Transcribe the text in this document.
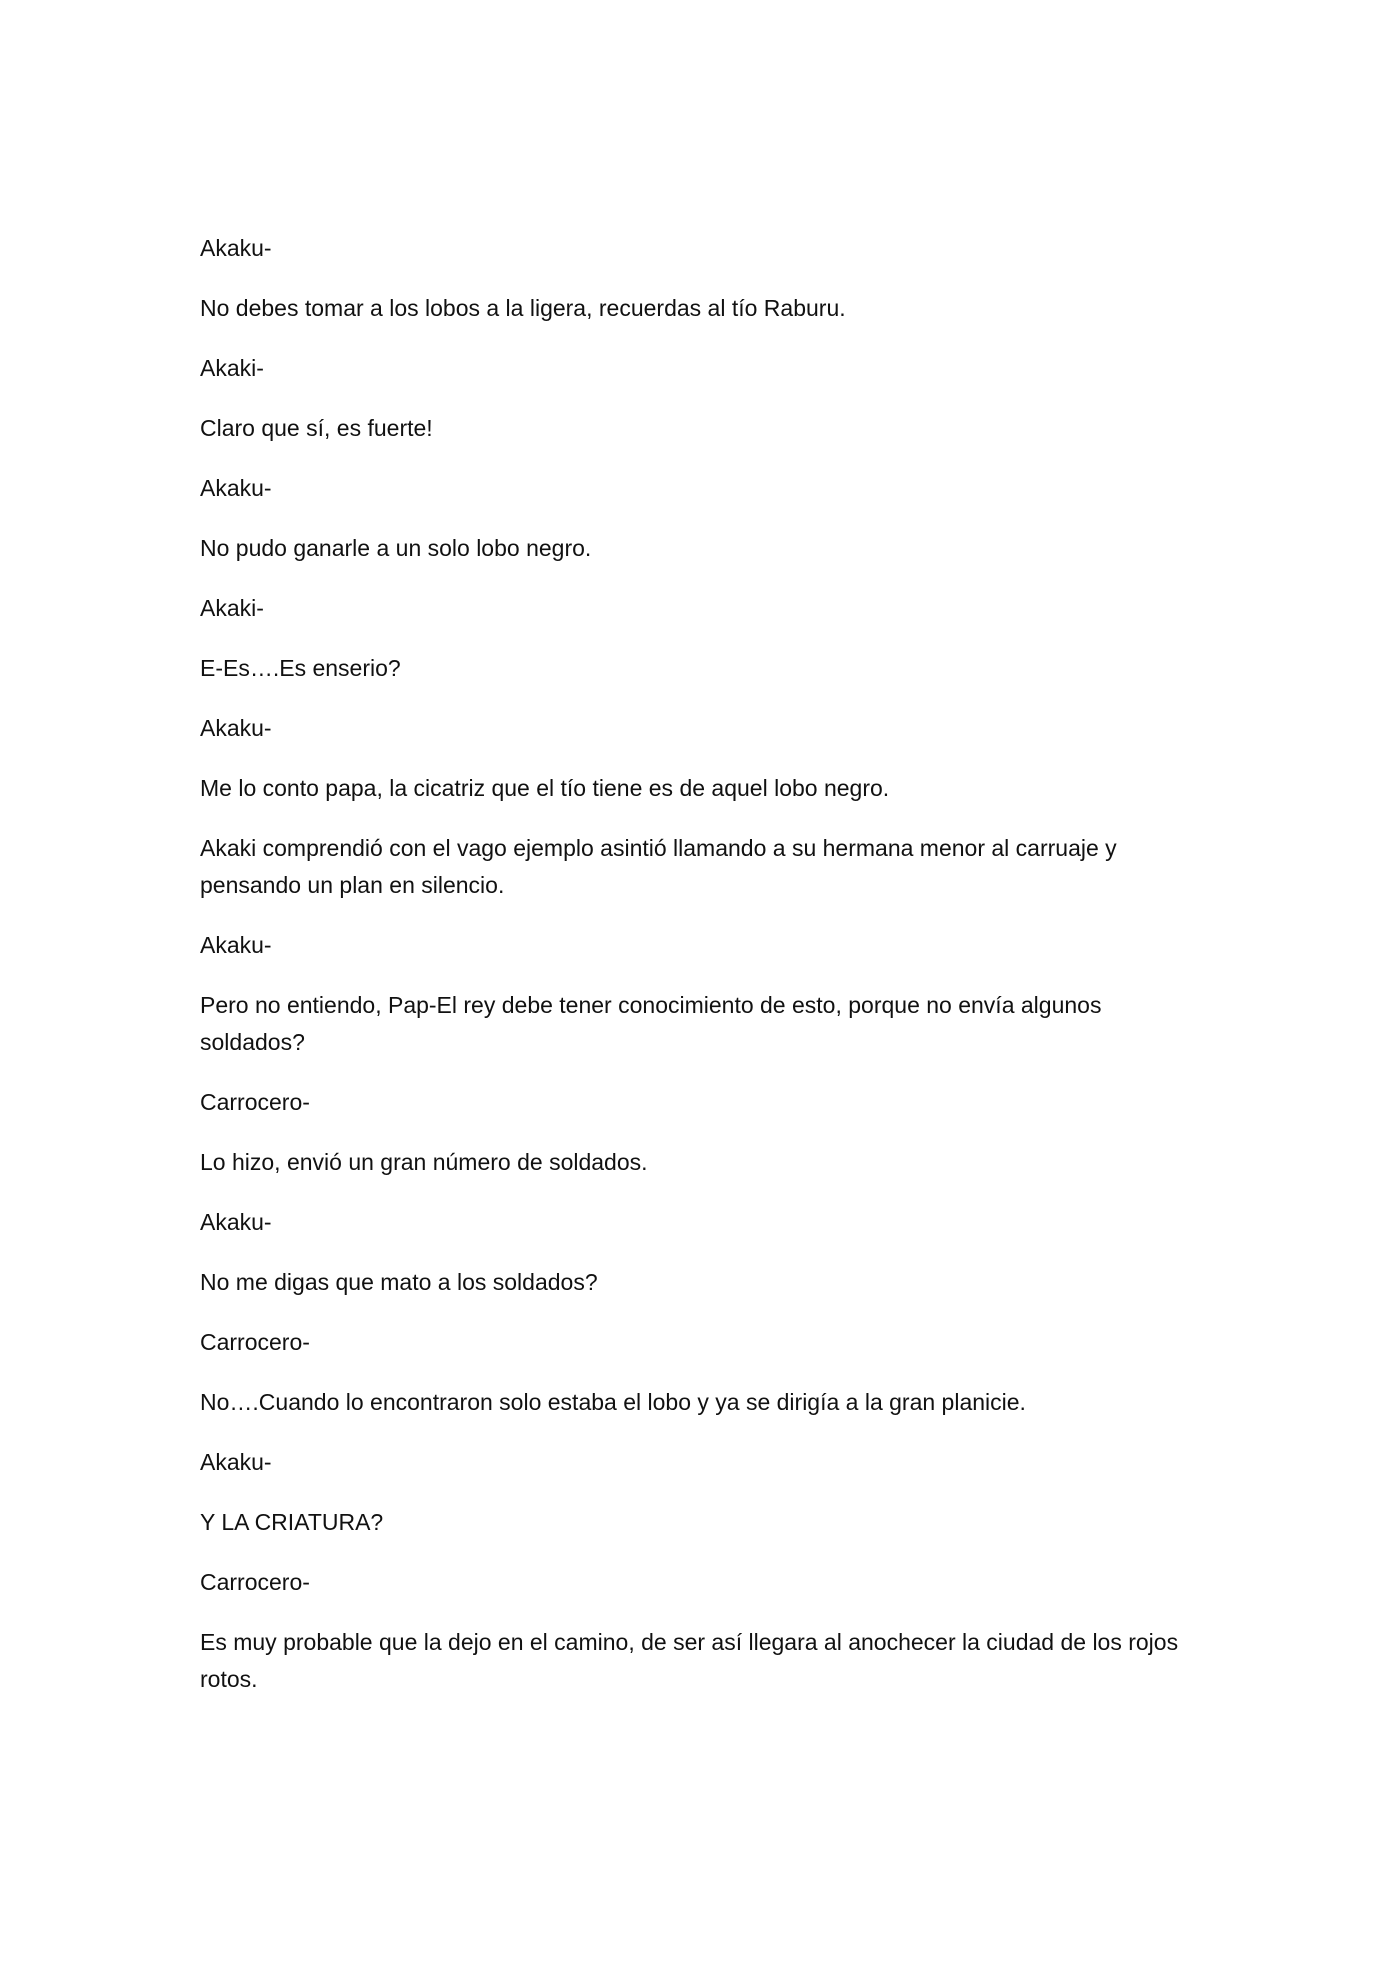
Akaku-

No debes tomar a los lobos a la ligera, recuerdas al tío Raburu.

Akaki-

Claro que sí, es fuerte!

Akaku-

No pudo ganarle a un solo lobo negro.

Akaki-

E-Es….Es enserio?

Akaku-

Me lo conto papa, la cicatriz que el tío tiene es de aquel lobo negro.

Akaki comprendió con el vago ejemplo asintió llamando a su hermana menor al carruaje y pensando un plan en silencio.

Akaku-

Pero no entiendo, Pap-El rey debe tener conocimiento de esto, porque no envía algunos soldados?

Carrocero-

Lo hizo, envió un gran número de soldados.

Akaku-

No me digas que mato a los soldados?

Carrocero-

No….Cuando lo encontraron solo estaba el lobo y ya se dirigía a la gran planicie.

Akaku-

Y LA CRIATURA?

Carrocero-

Es muy probable que la dejo en el camino, de ser así llegara al anochecer la ciudad de los rojos rotos.
